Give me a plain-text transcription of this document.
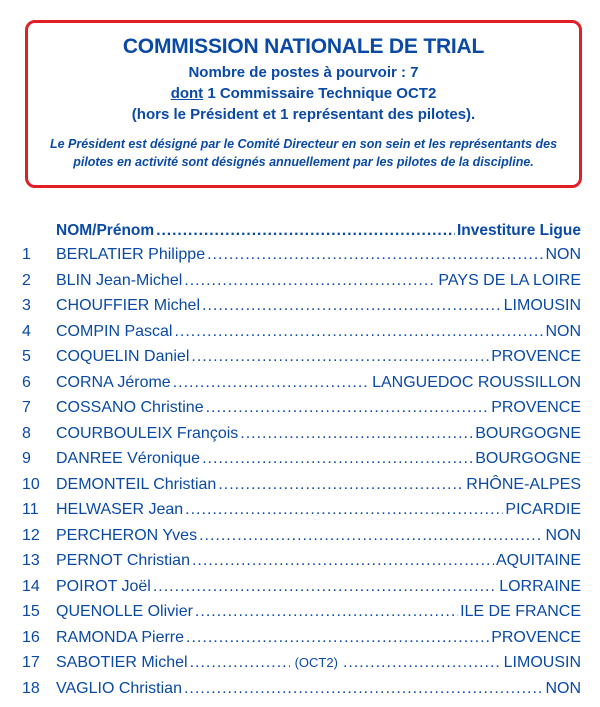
COMMISSION NATIONALE DE TRIAL
Nombre de postes à pourvoir : 7
dont 1 Commissaire Technique OCT2
(hors le Président et 1 représentant des pilotes).
Le Président est désigné par le Comité Directeur en son sein et les représentants des pilotes en activité sont désignés annuellement par les pilotes de la discipline.
NOM/Prénom .....	Investiture Ligue
1	BERLATIER Philippe .....	NON
2	BLIN Jean-Michel .....	PAYS DE LA LOIRE
3	CHOUFFIER Michel .....	LIMOUSIN
4	COMPIN Pascal .....	NON
5	COQUELIN Daniel .....	PROVENCE
6	CORNA Jérome .....	LANGUEDOC ROUSSILLON
7	COSSANO Christine .....	PROVENCE
8	COURBOULEIX François .....	BOURGOGNE
9	DANREE Véronique .....	BOURGOGNE
10	DEMONTEIL Christian .....	RHÔNE-ALPES
11	HELWASER Jean .....	PICARDIE
12	PERCHERON Yves .....	NON
13	PERNOT Christian .....	AQUITAINE
14	POIROT Joël .....	LORRAINE
15	QUENOLLE Olivier .....	ILE DE FRANCE
16	RAMONDA Pierre .....	PROVENCE
17	SABOTIER Michel .....	(OCT2) .....	LIMOUSIN
18	VAGLIO Christian .....	NON
